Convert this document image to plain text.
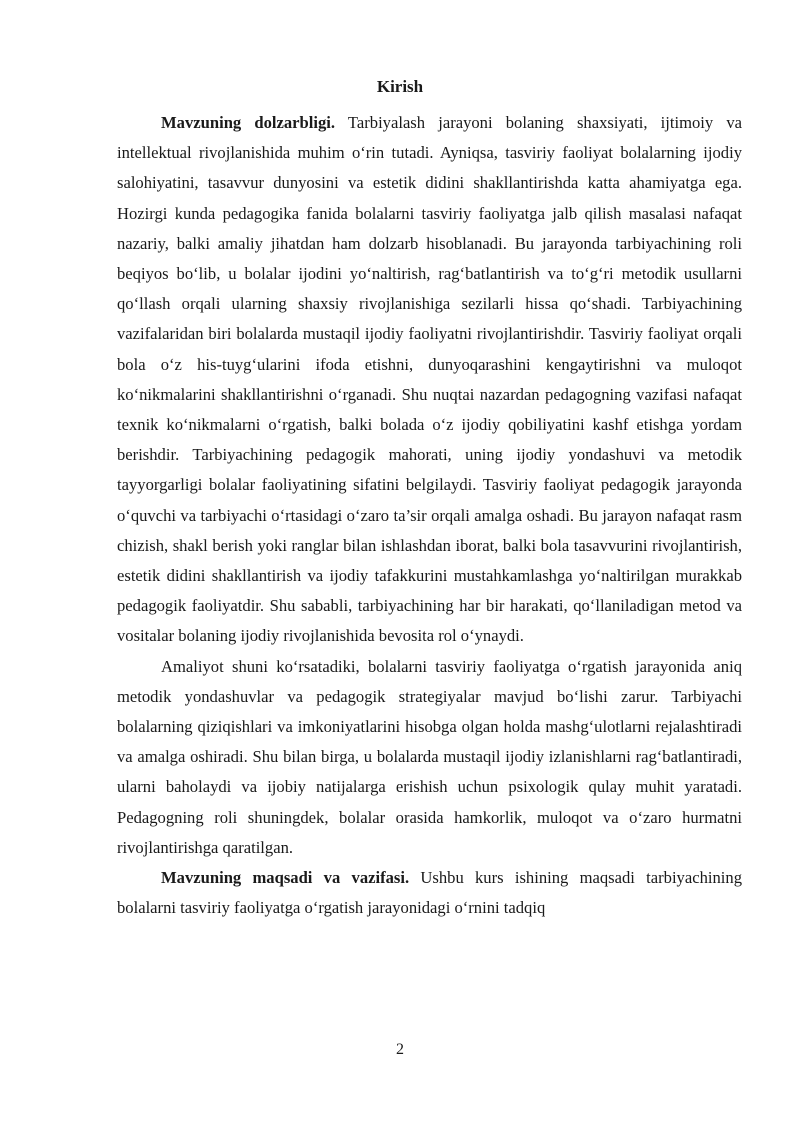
Kirish

Mavzuning dolzarbligi. Tarbiyalash jarayoni bolaning shaxsiyati, ijtimoiy va intellektual rivojlanishida muhim o‘rin tutadi. Ayniqsa, tasviriy faoliyat bolalarning ijodiy salohiyatini, tasavvur dunyosini va estetik didini shakllantirishda katta ahamiyatga ega. Hozirgi kunda pedagogika fanida bolalarni tasviriy faoliyatga jalb qilish masalasi nafaqat nazariy, balki amaliy jihatdan ham dolzarb hisoblanadi. Bu jarayonda tarbiyachining roli beqiyos bo‘lib, u bolalar ijodini yo‘naltirish, rag‘batlantirish va to‘g‘ri metodik usullarni qo‘llash orqali ularning shaxsiy rivojlanishiga sezilarli hissa qo‘shadi. Tarbiyachining vazifalaridan biri bolalarda mustaqil ijodiy faoliyatni rivojlantirishdir. Tasviriy faoliyat orqali bola o‘z his-tuyg‘ularini ifoda etishni, dunyoqarashini kengaytirishni va muloqot ko‘nikmalarini shakllantirishni o‘rganadi. Shu nuqtai nazardan pedagogning vazifasi nafaqat texnik ko‘nikmalarni o‘rgatish, balki bolada o‘z ijodiy qobiliyatini kashf etishga yordam berishdir. Tarbiyachining pedagogik mahorati, uning ijodiy yondashuvi va metodik tayyorgarligi bolalar faoliyatining sifatini belgilaydi. Tasviriy faoliyat pedagogik jarayonda o‘quvchi va tarbiyachi o‘rtasidagi o‘zaro ta’sir orqali amalga oshadi. Bu jarayon nafaqat rasm chizish, shakl berish yoki ranglar bilan ishlashdan iborat, balki bola tasavvurini rivojlantirish, estetik didini shakllantirish va ijodiy tafakkurini mustahkamlashga yo‘naltirilgan murakkab pedagogik faoliyatdir. Shu sababli, tarbiyachining har bir harakati, qo‘llaniladigan metod va vositalar bolaning ijodiy rivojlanishida bevosita rol o‘ynaydi.

Amaliyot shuni ko‘rsatadiki, bolalarni tasviriy faoliyatga o‘rgatish jarayonida aniq metodik yondashuvlar va pedagogik strategiyalar mavjud bo‘lishi zarur. Tarbiyachi bolalarning qiziqishlari va imkoniyatlarini hisobga olgan holda mashg‘ulotlarni rejalashtiradi va amalga oshiradi. Shu bilan birga, u bolalarda mustaqil ijodiy izlanishlarni rag‘batlantiradi, ularni baholaydi va ijobiy natijalarga erishish uchun psixologik qulay muhit yaratadi. Pedagogning roli shuningdek, bolalar orasida hamkorlik, muloqot va o‘zaro hurmatni rivojlantirishga qaratilgan.

Mavzuning maqsadi va vazifasi. Ushbu kurs ishining maqsadi tarbiyachining bolalarni tasviriy faoliyatga o‘rgatish jarayonidagi o‘rnini tadqiq

2
